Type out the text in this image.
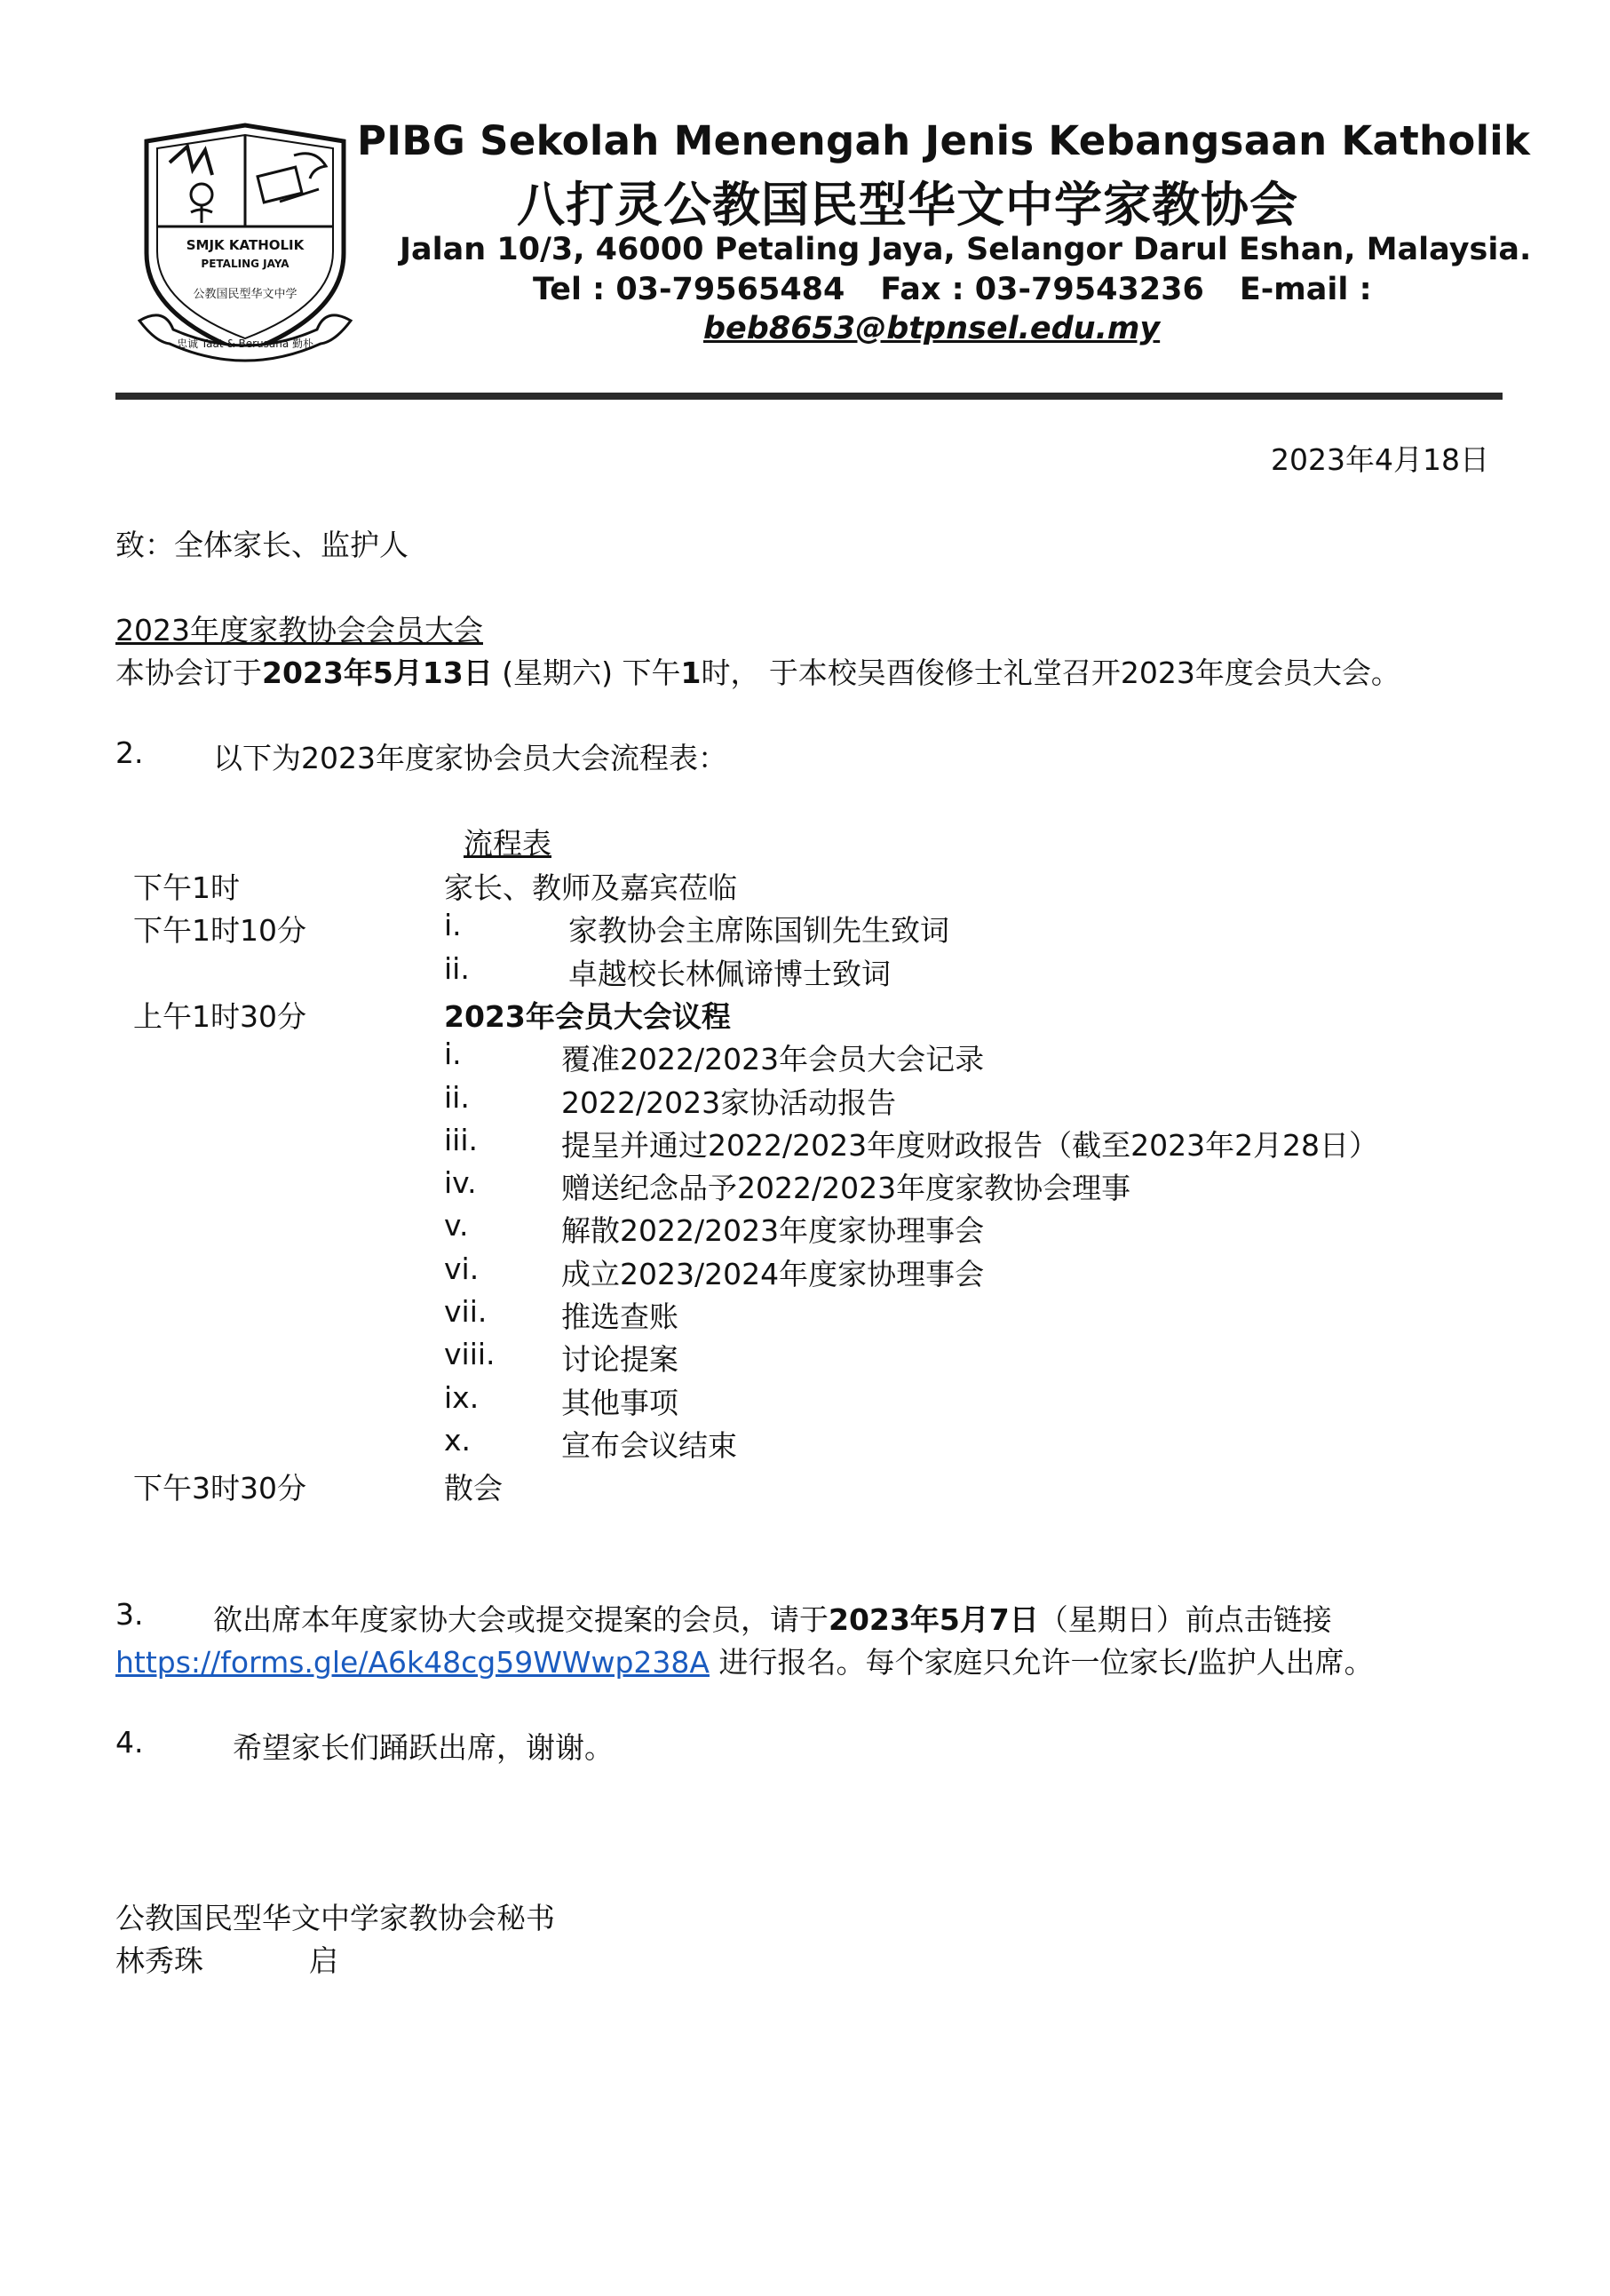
SMJK KATHOLIK
PETALING JAYA
公教国民型华文中学
忠诚 Taat & Berusaha 勤朴
PIBG Sekolah Menengah Jenis Kebangsaan Katholik
八打灵公教国民型华文中学家教协会
Jalan 10/3, 46000 Petaling Jaya, Selangor Darul Eshan, Malaysia.
Tel : 03-79565484 Fax : 03-79543236 E-mail :
beb8653@btpnsel.edu.my
2023年4月18日
致：全体家长、监护人
2023年度家教协会会员大会
本协会订于2023年5月13日 (星期六) 下午1时， 于本校吴酉俊修士礼堂召开2023年度会员大会。
2. 以下为2023年度家协会员大会流程表：
流程表
下午1时	家长、教师及嘉宾莅临
下午1时10分	i.	家教协会主席陈国钏先生致词
ii.	卓越校长林佩谛博士致词
上午1时30分	2023年会员大会议程
i.	覆准2022/2023年会员大会记录
ii.	2022/2023家协活动报告
iii.	提呈并通过2022/2023年度财政报告（截至2023年2月28日）
iv.	赠送纪念品予2022/2023年度家教协会理事
v.	解散2022/2023年度家协理事会
vi.	成立2023/2024年度家协理事会
vii.	推选查账
viii. 讨论提案
ix.	其他事项
x.	宣布会议结束
下午3时30分	散会
3. 欲出席本年度家协大会或提交提案的会员，请于2023年5月7日（星期日）前点击链接
https://forms.gle/A6k48cg59WWwp238A 进行报名。每个家庭只允许一位家长/监护人出席。
4.	希望家长们踊跃出席，谢谢。
公教国民型华文中学家教协会秘书
林秀珠	启
